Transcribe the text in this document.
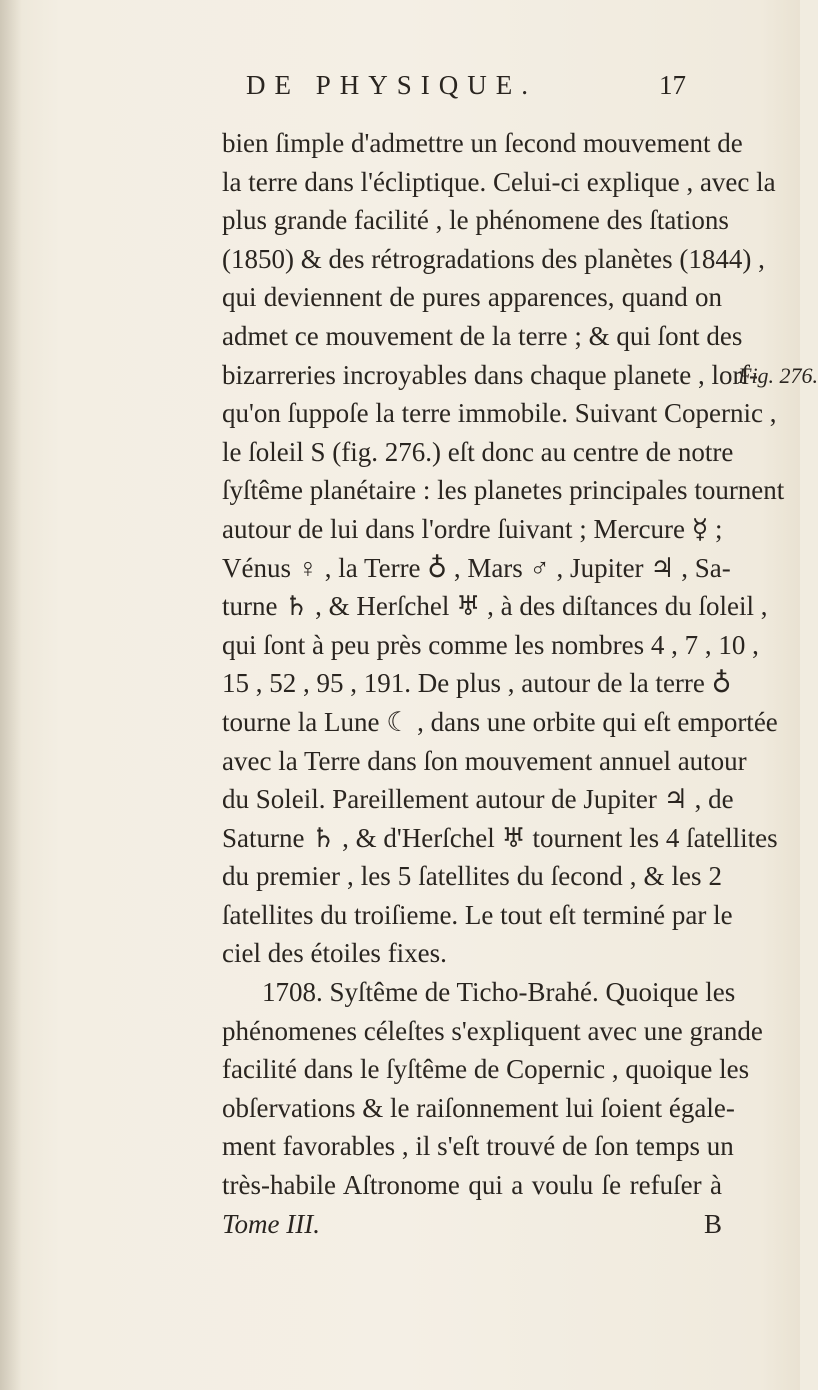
DE PHYSIQUE.	17
bien ſimple d'admettre un ſecond mouvement de
la terre dans l'écliptique. Celui-ci explique , avec la
plus grande facilité , le phénomene des ſtations
(1850) & des rétrogradations des planètes (1844) ,
qui deviennent de pures apparences, quand on
admet ce mouvement de la terre ; & qui ſont des
bizarreries incroyables dans chaque planete , lorſ-
qu'on ſuppoſe la terre immobile. Suivant Copernic ,
le ſoleil S (fig. 276.) eſt donc au centre de notre
ſyſtême planétaire : les planetes principales tournent
autour de lui dans l'ordre ſuivant ; Mercure ☿ ;
Vénus ♀ , la Terre ♁ , Mars ♂ , Jupiter ♃ , Sa-
turne ♄ , & Herſchel ♅ , à des diſtances du ſoleil ,
qui ſont à peu près comme les nombres 4 , 7 , 10 ,
15 , 52 , 95 , 191. De plus , autour de la terre ♁
tourne la Lune ☾ , dans une orbite qui eſt emportée
avec la Terre dans ſon mouvement annuel autour
du Soleil. Pareillement autour de Jupiter ♃ , de
Saturne ♄ , & d'Herſchel ♅ tournent les 4 ſatellites
du premier , les 5 ſatellites du ſecond , & les 2
ſatellites du troiſieme. Le tout eſt terminé par le
ciel des étoiles fixes.
1708. Syſtême de Ticho-Brahé. Quoique les
phénomenes céleſtes s'expliquent avec une grande
facilité dans le ſyſtême de Copernic , quoique les
obſervations & le raiſonnement lui ſoient égale-
ment favorables , il s'eſt trouvé de ſon temps un
très-habile Aſtronome qui a voulu ſe refuſer à
Tome III.	B
Fig. 276.
